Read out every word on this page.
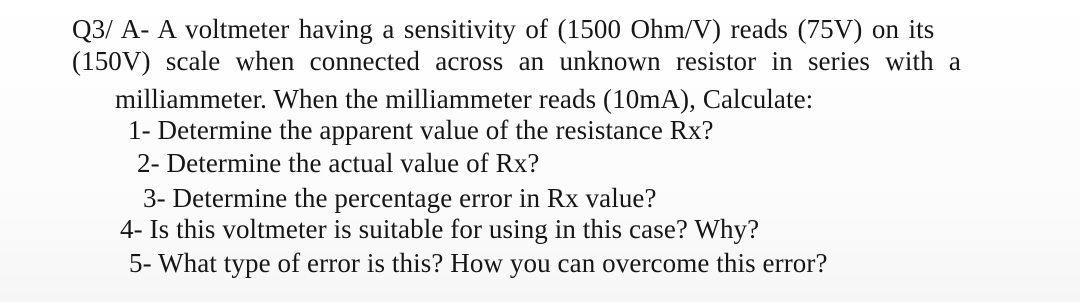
Q3/ A- A voltmeter having a sensitivity of (1500 Ohm/V) reads (75V) on its
(150V) scale when connected across an unknown resistor in series with a
milliammeter. When the milliammeter reads (10mA), Calculate:
1- Determine the apparent value of the resistance Rx?
2- Determine the actual value of Rx?
3- Determine the percentage error in Rx value?
4- Is this voltmeter is suitable for using in this case? Why?
5- What type of error is this? How you can overcome this error?
